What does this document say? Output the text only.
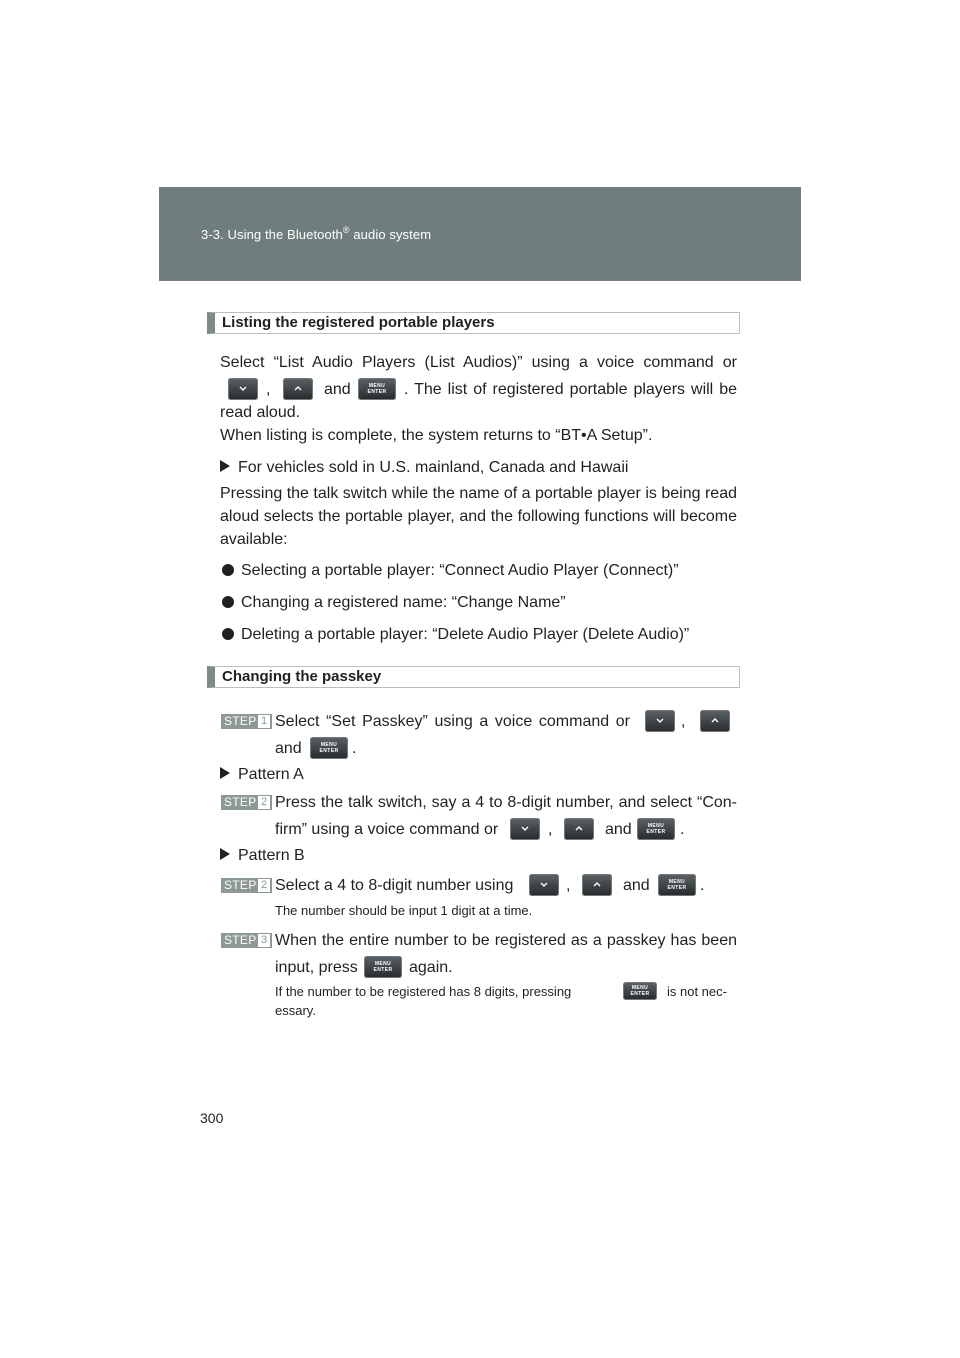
3-3. Using the Bluetooth® audio system
Listing the registered portable players
Select “List Audio Players (List Audios)” using a voice command or
,	and	MENU
ENTER . The list of registered portable players will be
read aloud.
When listing is complete, the system returns to “BT•A Setup”.
For vehicles sold in U.S. mainland, Canada and Hawaii
Pressing the talk switch while the name of a portable player is being read aloud selects the portable player, and the following functions will become available:
Selecting a portable player: “Connect Audio Player (Connect)”
Changing a registered name: “Change Name”
Deleting a portable player: “Delete Audio Player (Delete Audio)”
Changing the passkey
STEP 1 Select “Set Passkey” using a voice command or	,
and	MENU
ENTER .
Pattern A
STEP 2 Press the talk switch, say a 4 to 8-digit number, and select “Con-
firm” using a voice command or	,	and	MENU
ENTER .
Pattern B
STEP 2 Select a 4 to 8-digit number using	,	and	MENU
ENTER .
The number should be input 1 digit at a time.
STEP 3 When the entire number to be registered as a passkey has been
input, press	MENU
ENTER again.
If the number to be registered has 8 digits, pressing	MENU
ENTER is not nec-
essary.
300
